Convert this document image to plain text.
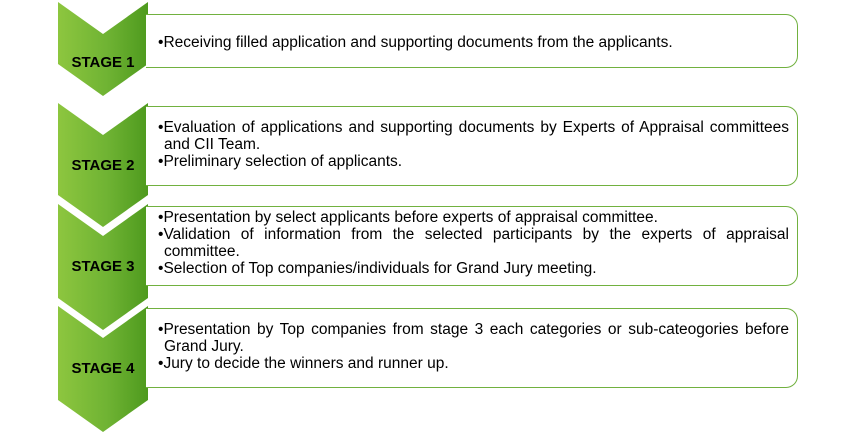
STAGE 1
•Receiving filled application and supporting documents from the applicants.
STAGE 2
•Evaluation of applications and supporting documents by Experts of Appraisal committees and CII Team.
•Preliminary selection of applicants.
STAGE 3
•Presentation by select applicants before experts of appraisal committee.
•Validation of information from the selected participants by the experts of appraisal committee.
•Selection of Top companies/individuals for Grand Jury meeting.
STAGE 4
•Presentation by Top companies from stage 3 each categories or sub-cateogories before Grand Jury.
•Jury to decide the winners and runner up.
